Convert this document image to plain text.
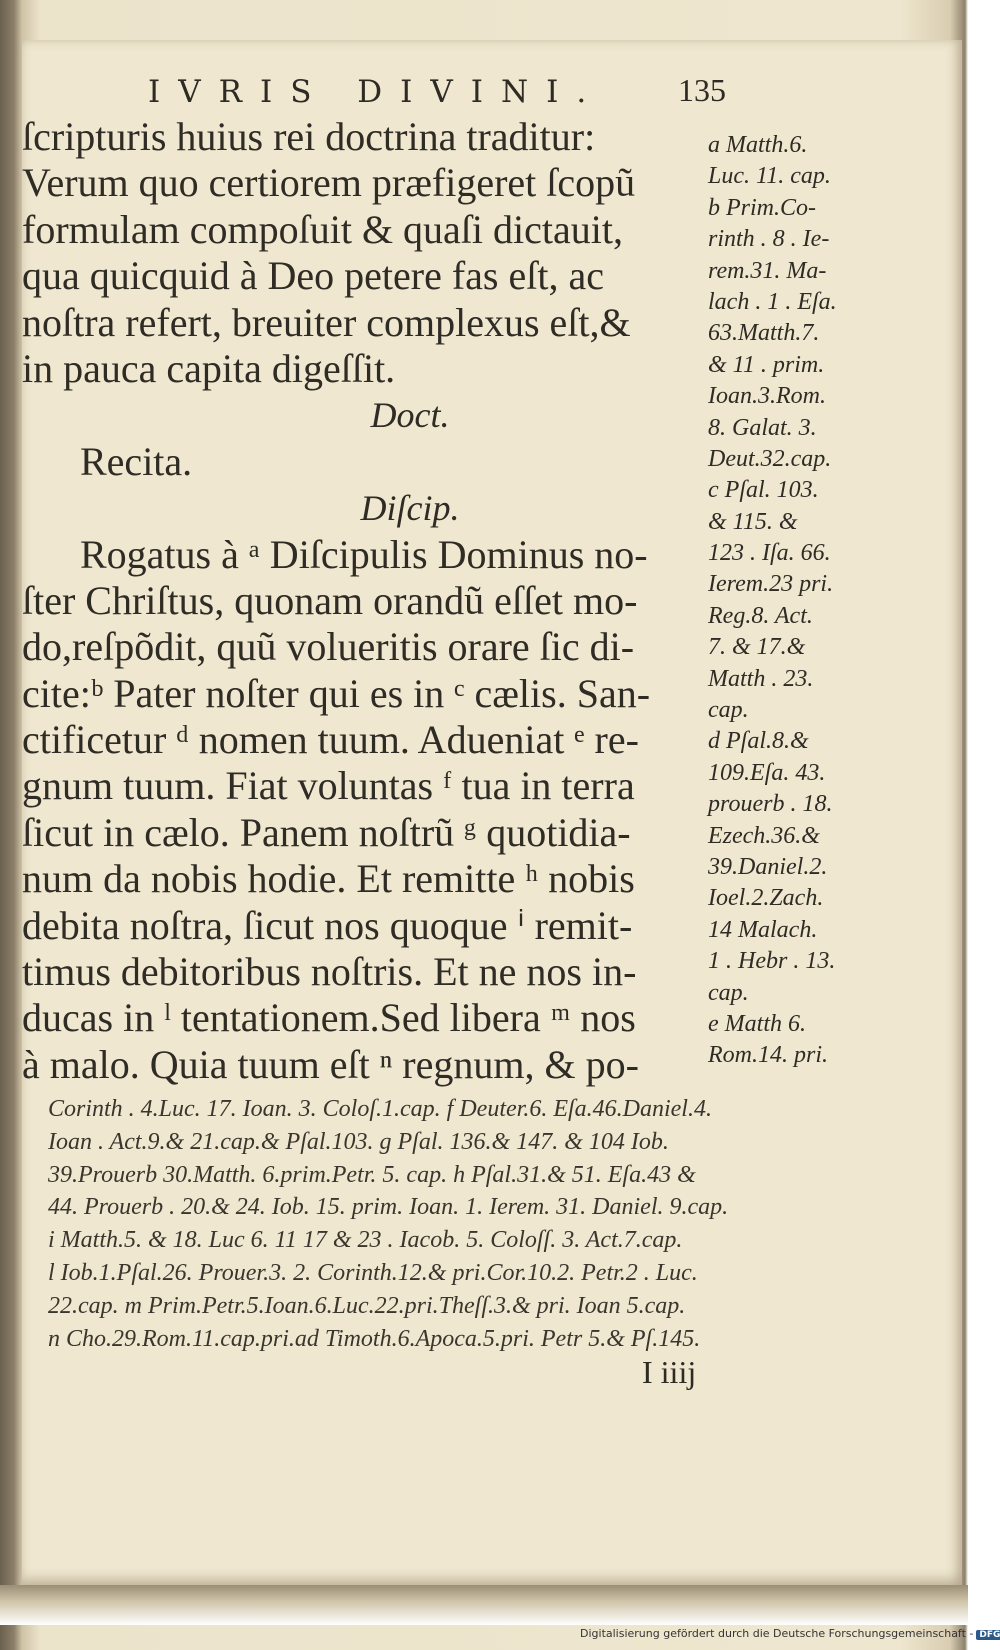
IVRIS DIVINI. 135
ſcripturis huius rei doctrina traditur:
Verum quo certiorem præfigeret ſcopũ
formulam compoſuit & quaſi dictauit,
qua quicquid à Deo petere fas eſt, ac
noſtra refert, breuiter complexus eſt,&
in pauca capita digeſſit.
Doct.
Recita.
Diſcip.
Rogatus à ᵃ Diſcipulis Dominus no-
ſter Chriſtus, quonam orandũ eſſet mo-
do,reſpõdit, quũ volueritis orare ſic di-
cite:ᵇ Pater noſter qui es in ᶜ cælis. San-
ctificetur ᵈ nomen tuum. Adueniat ᵉ re-
gnum tuum. Fiat voluntas ᶠ tua in terra
ſicut in cælo. Panem noſtrũ ᵍ quotidia-
num da nobis hodie. Et remitte ʰ nobis
debita noſtra, ſicut nos quoque ⁱ remit-
timus debitoribus noſtris. Et ne nos in-
ducas in ˡ tentationem.Sed libera ᵐ nos
à malo. Quia tuum eſt ⁿ regnum, & po-
a Matth.6.
Luc. 11. cap.
b Prim.Co-
rinth . 8 . Ie-
rem.31. Ma-
lach . 1 . Eſa.
63.Matth.7.
& 11 . prim.
Ioan.3.Rom.
8. Galat. 3.
Deut.32.cap.
c Pſal. 103.
& 115. &
123 . Iſa. 66.
Ierem.23 pri.
Reg.8. Act.
7. & 17.&
Matth . 23.
cap.
d Pſal.8.&
109.Eſa. 43.
prouerb . 18.
Ezech.36.&
39.Daniel.2.
Ioel.2.Zach.
14 Malach.
1 . Hebr . 13.
cap.
e Matth 6.
Rom.14. pri.
Corinth . 4.Luc. 17. Ioan. 3. Coloſ.1.cap. f Deuter.6. Eſa.46.Daniel.4.
Ioan . Act.9.& 21.cap.& Pſal.103. g Pſal. 136.& 147. & 104 Iob.
39.Prouerb 30.Matth. 6.prim.Petr. 5. cap. h Pſal.31.& 51. Eſa.43 &
44. Prouerb . 20.& 24. Iob. 15. prim. Ioan. 1. Ierem. 31. Daniel. 9.cap.
i Matth.5. & 18. Luc 6. 11 17 & 23 . Iacob. 5. Coloſſ. 3. Act.7.cap.
l Iob.1.Pſal.26. Prouer.3. 2. Corinth.12.& pri.Cor.10.2. Petr.2 . Luc.
22.cap. m Prim.Petr.5.Ioan.6.Luc.22.pri.Theſſ.3.& pri. Ioan 5.cap.
n Cho.29.Rom.11.cap.pri.ad Timoth.6.Apoca.5.pri. Petr 5.& Pſ.145.
I iiij
Digitalisierung gefördert durch die Deutsche Forschungsgemeinschaft - DFG
